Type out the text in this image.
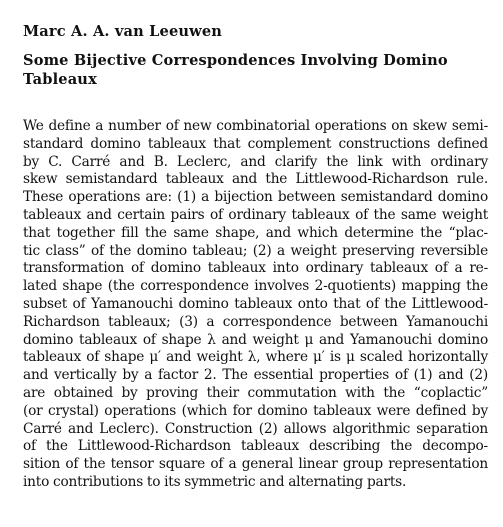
Marc A. A. van Leeuwen
Some Bijective Correspondences Involving Domino Tableaux
We define a number of new combinatorial operations on skew semi-
standard domino tableaux that complement constructions defined
by C. Carré and B. Leclerc, and clarify the link with ordinary
skew semistandard tableaux and the Littlewood-Richardson rule.
These operations are: (1) a bijection between semistandard domino
tableaux and certain pairs of ordinary tableaux of the same weight
that together fill the same shape, and which determine the “plac-
tic class” of the domino tableau; (2) a weight preserving reversible
transformation of domino tableaux into ordinary tableaux of a re-
lated shape (the correspondence involves 2-quotients) mapping the
subset of Yamanouchi domino tableaux onto that of the Littlewood-
Richardson tableaux; (3) a correspondence between Yamanouchi
domino tableaux of shape λ and weight μ and Yamanouchi domino
tableaux of shape μ′ and weight λ, where μ′ is μ scaled horizontally
and vertically by a factor 2. The essential properties of (1) and (2)
are obtained by proving their commutation with the “coplactic”
(or crystal) operations (which for domino tableaux were defined by
Carré and Leclerc). Construction (2) allows algorithmic separation
of the Littlewood-Richardson tableaux describing the decompo-
sition of the tensor square of a general linear group representation
into contributions to its symmetric and alternating parts.
